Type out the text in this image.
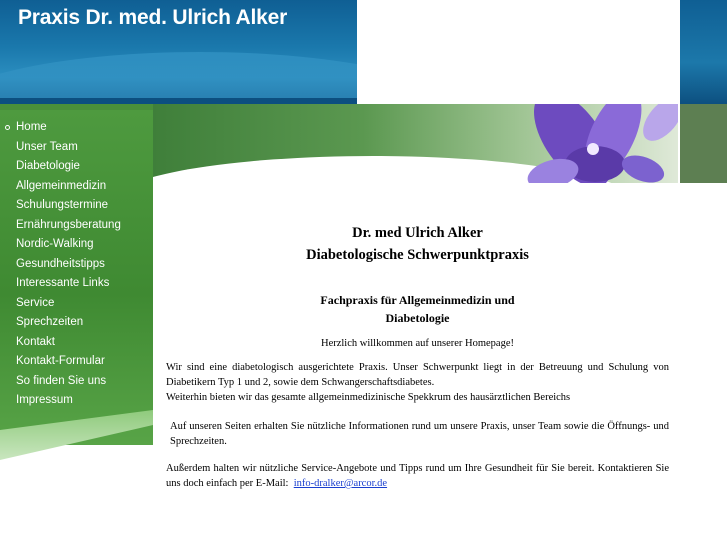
Praxis Dr. med. Ulrich Alker
Home
Unser Team
Diabetologie
Allgemeinmedizin
Schulungstermine
Ernährungsberatung
Nordic-Walking
Gesundheitstipps
Interessante Links
Service
Sprechzeiten
Kontakt
Kontakt-Formular
So finden Sie uns
Impressum

Dr. med Ulrich Alker

Diabetologische Schwerpunktpraxis

Fachpraxis für Allgemeinmedizin und

Diabetologie

Herzlich willkommen auf unserer Homepage!

Wir sind eine diabetologisch ausgerichtete Praxis. Unser Schwerpunkt liegt in der Betreuung und Schulung von Diabetikern Typ 1 und 2, sowie dem Schwangerschaftsdiabetes.

Weiterhin bieten wir das gesamte allgemeinmedizinische Spekkrum des hausärztlichen Bereichs

Auf unseren Seiten erhalten Sie nützliche Informationen rund um unsere Praxis, unser Team sowie die Öffnungs- und Sprechzeiten.

Außerdem halten wir nützliche Service-Angebote und Tipps rund um Ihre Gesundheit für Sie bereit. Kontaktieren Sie uns doch einfach per E-Mail: info-dralker@arcor.de
